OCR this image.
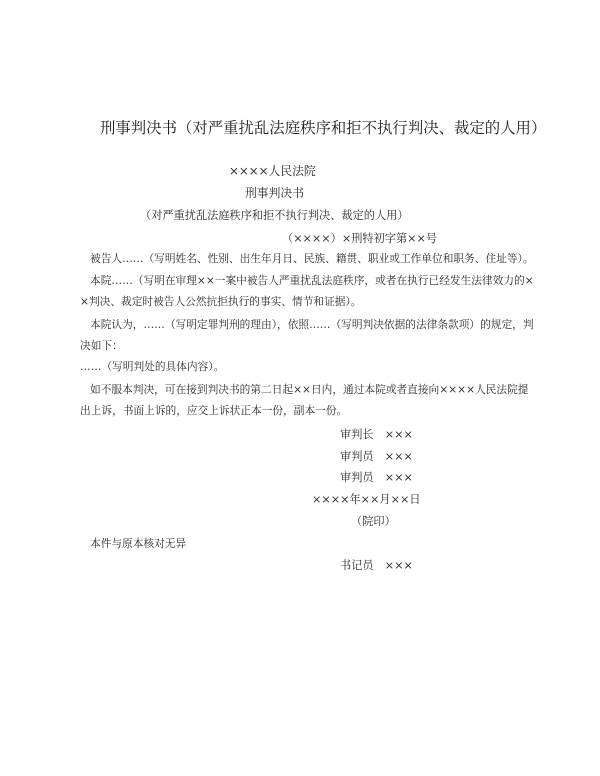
刑事判决书（对严重扰乱法庭秩序和拒不执行判决、裁定的人用）
××××人民法院
刑事判决书
（对严重扰乱法庭秩序和拒不执行判决、裁定的人用）
（××××）×刑特初字第××号
被告人……（写明姓名、性别、出生年月日、民族、籍贯、职业或工作单位和职务、住址等）。
本院……（写明在审理××一案中被告人严重扰乱法庭秩序，或者在执行已经发生法律效力的×
×判决、裁定时被告人公然抗拒执行的事实、情节和证据）。
本院认为，……（写明定罪判刑的理由），依照……（写明判决依据的法律条款项）的规定，判
决如下：
……（写明判处的具体内容）。
如不服本判决，可在接到判决书的第二日起××日内，通过本院或者直接向××××人民法院提
出上诉，书面上诉的，应交上诉状正本一份，副本一份。
审判长　×××
审判员　×××
审判员　×××
××××年××月××日
（院印）
本件与原本核对无异
书记员　×××
